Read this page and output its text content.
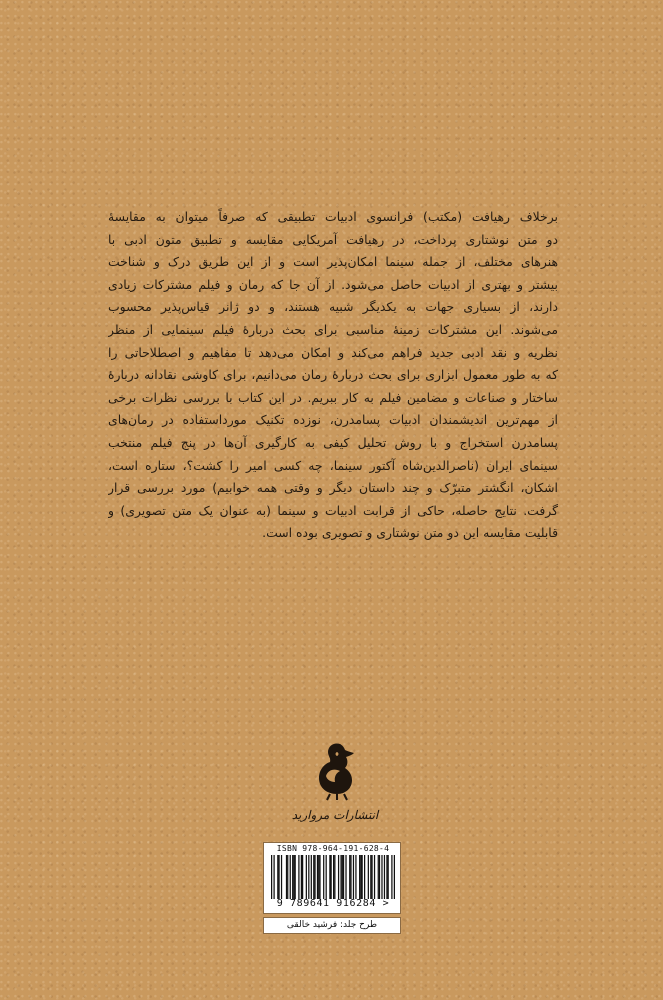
برخلاف رهیافت (مکتب) فرانسوی ادبیات تطبیقی که صرفاً میتوان به مقایسهٔ
دو متن نوشتاری پرداخت، در رهیافت آمریکایی مقایسه و تطبیق متون ادبی با
هنرهای مختلف، از جمله سینما امکان‌پذیر است و از این طریق درک و شناخت
بیشتر و بهتری از ادبیات حاصل می‌شود. از آن جا که رمان و فیلم مشترکات زیادی
دارند، از بسیاری جهات به یکدیگر شبیه هستند، و دو ژانر قیاس‌پذیر محسوب
می‌شوند. این مشترکات زمینهٔ مناسبی برای بحث دربارهٔ فیلم سینمایی از منظر
نظریه و نقد ادبی جدید فراهم می‌کند و امکان می‌دهد تا مفاهیم و اصطلاحاتی را
که به طور معمول ابزاری برای بحث دربارهٔ رمان می‌دانیم، برای کاوشی نقادانه دربارهٔ
ساختار و صناعات و مضامین فیلم به کار ببریم. در این کتاب با بررسی نظرات برخی
از مهم‌ترین اندیشمندان ادبیات پسامدرن، نوزده تکنیک مورداستفاده در رمان‌های
پسامدرن استخراج و با روش تحلیل کیفی به کارگیری آن‌ها در پنج فیلم منتخب
سینمای ایران (ناصرالدین‌شاه آکتور سینما، چه کسی امیر را کشت؟، ستاره است،
اشکان، انگشتر متبرّک و چند داستان دیگر و وقتی همه خوابیم) مورد بررسی قرار
گرفت. نتایج حاصله، حاکی از قرابت ادبیات و سینما (به عنوان یک متن تصویری) و
قابلیت مقایسه این دو متن نوشتاری و تصویری بوده است.
انتشارات مروارید
ISBN 978-964-191-628-4
9 789641 916284 >
طرح جلد: فرشید خالقی
